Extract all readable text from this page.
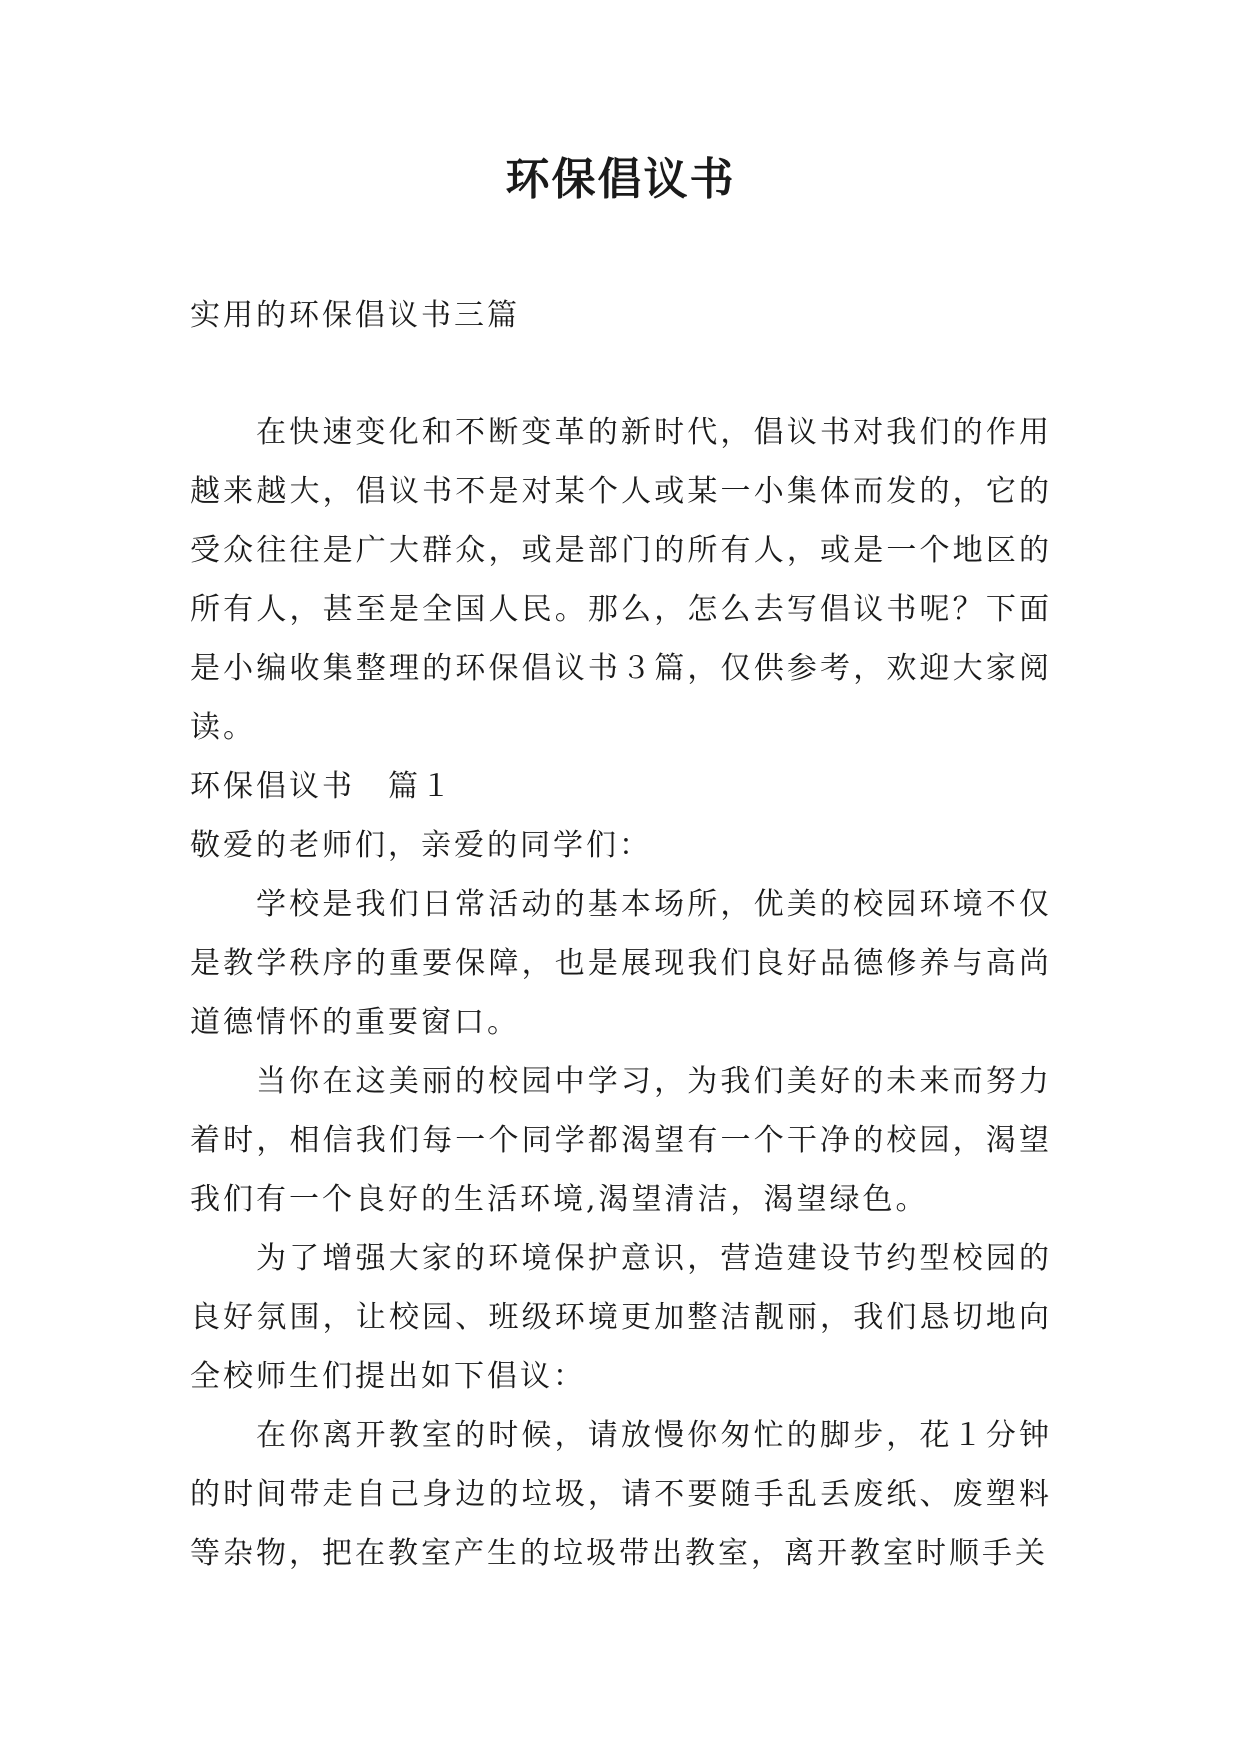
环保倡议书

实用的环保倡议书三篇

在快速变化和不断变革的新时代，倡议书对我们的作用越来越大，倡议书不是对某个人或某一小集体而发的，它的受众往往是广大群众，或是部门的所有人，或是一个地区的所有人，甚至是全国人民。那么，怎么去写倡议书呢？下面是小编收集整理的环保倡议书３篇，仅供参考，欢迎大家阅读。

环保倡议书　篇１

敬爱的老师们，亲爱的同学们：

学校是我们日常活动的基本场所，优美的校园环境不仅是教学秩序的重要保障，也是展现我们良好品德修养与高尚道德情怀的重要窗口。

当你在这美丽的校园中学习，为我们美好的未来而努力着时，相信我们每一个同学都渴望有一个干净的校园，渴望我们有一个良好的生活环境,渴望清洁，渴望绿色。

为了增强大家的环境保护意识，营造建设节约型校园的良好氛围，让校园、班级环境更加整洁靓丽，我们恳切地向全校师生们提出如下倡议：

在你离开教室的时候，请放慢你匆忙的脚步，花１分钟的时间带走自己身边的垃圾，请不要随手乱丢废纸、废塑料等杂物，把在教室产生的垃圾带出教室，离开教室时顺手关
